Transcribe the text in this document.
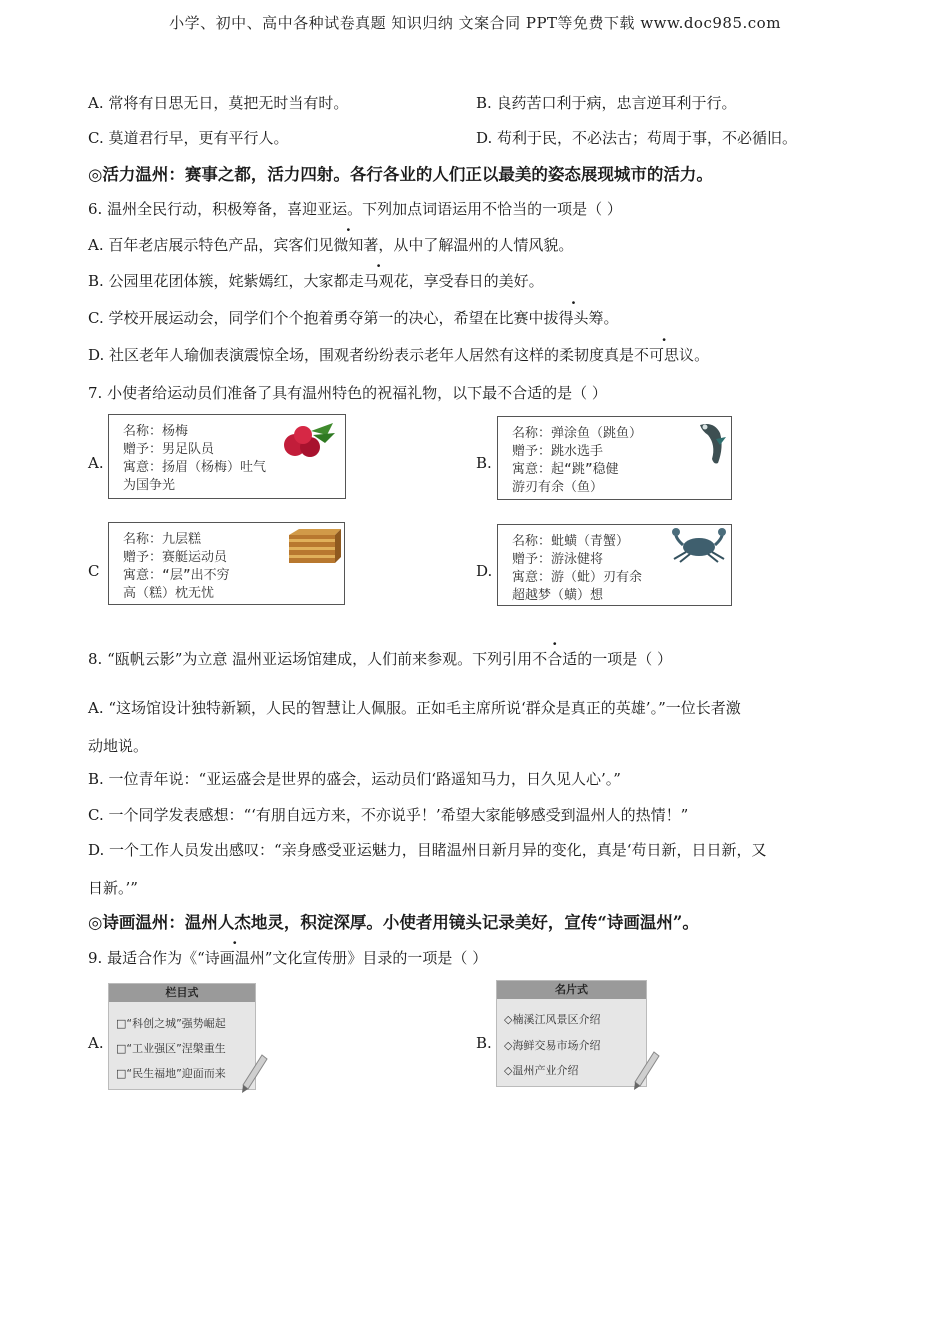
小学、初中、高中各种试卷真题 知识归纳 文案合同 PPT等免费下载 www.doc985.com
A. 常将有日思无日，莫把无时当有时。	B. 良药苦口利于病，忠言逆耳利于行。
C. 莫道君行早，更有平行人。	D. 苟利于民，不必法古；苟周于事，不必循旧。
◎活力温州：赛事之都，活力四射。各行各业的人们正以最美的姿态展现城市的活力。
6. 温州全民行动，积极筹备，喜迎亚运。下列加点词语运用不恰当的一项是（ ）
A. 百年老店展示特色产品，宾客们见微知著，从中了解温州的人情风貌。
B. 公园里花团体簇，姹紫嫣红，大家都走马观花，享受春日的美好。
C. 学校开展运动会，同学们个个抱着勇夺第一的决心，希望在比赛中拔得头筹。
D. 社区老年人瑜伽表演震惊全场，围观者纷纷表示老年人居然有这样的柔韧度真是不可思议。
7. 小使者给运动员们准备了具有温州特色的祝福礼物，以下最不合适的是（ ）
A.
名称：杨梅
赠予：男足队员
寓意：扬眉（杨梅）吐气
为国争光
B.
名称：弹涂鱼（跳鱼）
赠予：跳水选手
寓意：起“跳”稳健
游刃有余（鱼）
C
名称：九层糕
赠予：赛艇运动员
寓意：“层”出不穷
高（糕）枕无忧
D.
名称：蚍蟥（青蟹）
赠予：游泳健将
寓意：游（蚍）刃有余
超越梦（蟥）想
8. “瓯帆云影”为立意 温州亚运场馆建成，人们前来参观。下列引用不合适的一项是（ ）
A. “这场馆设计独特新颖，人民的智慧让人佩服。正如毛主席所说‘群众是真正的英雄’。”一位长者激
动地说。
B. 一位青年说：“亚运盛会是世界的盛会，运动员们‘路遥知马力，日久见人心’。”
C. 一个同学发表感想：“‘有朋自远方来，不亦说乎！’希望大家能够感受到温州人的热情！”
D. 一个工作人员发出感叹：“亲身感受亚运魅力，目睹温州日新月异的变化，真是‘苟日新，日日新，又
日新。’”
◎诗画温州：温州人杰地灵，积淀深厚。小使者用镜头记录美好，宣传“诗画温州”。
9. 最适合作为《“诗画温州”文化宣传册》目录的一项是（ ）
A.
栏目式
□“科创之城”强势崛起
□“工业强区”涅槃重生
□“民生福地”迎面而来
B.
名片式
◇楠溪江风景区介绍
◇海鲜交易市场介绍
◇温州产业介绍
